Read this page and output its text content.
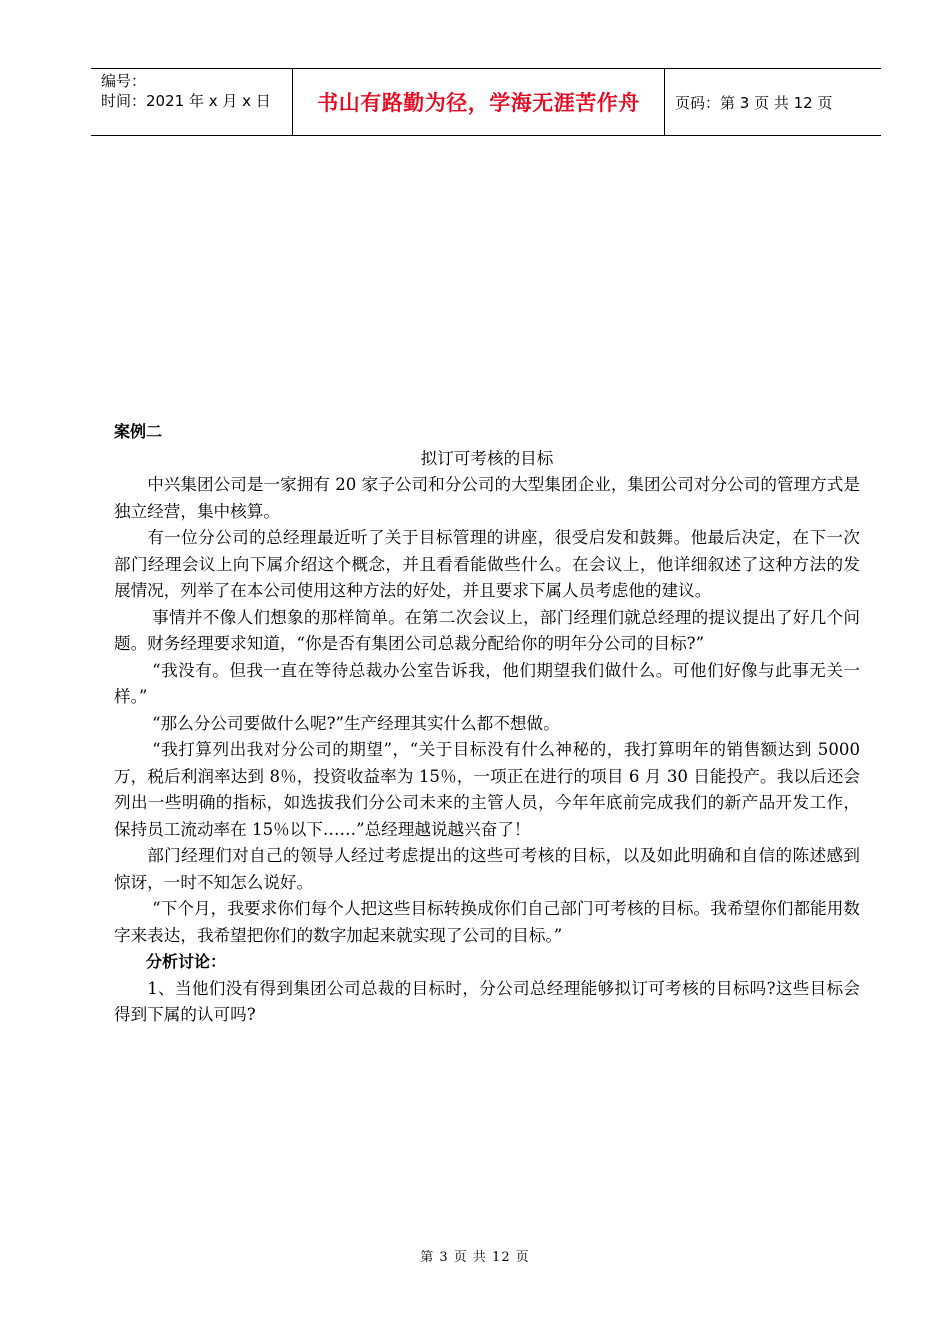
编号：
时间：2021 年 x 月 x 日	书山有路勤为径，学海无涯苦作舟	页码：第 3 页 共 12 页
案例二
拟订可考核的目标

中兴集团公司是一家拥有 20 家子公司和分公司的大型集团企业，集团公司对分公司的管理方式是独立经营，集中核算。

有一位分公司的总经理最近听了关于目标管理的讲座，很受启发和鼓舞。他最后决定，在下一次部门经理会议上向下属介绍这个概念，并且看看能做些什么。在会议上，他详细叙述了这种方法的发展情况，列举了在本公司使用这种方法的好处，并且要求下属人员考虑他的建议。

事情并不像人们想象的那样简单。在第二次会议上，部门经理们就总经理的提议提出了好几个问题。财务经理要求知道，“你是否有集团公司总裁分配给你的明年分公司的目标?”

“我没有。但我一直在等待总裁办公室告诉我，他们期望我们做什么。可他们好像与此事无关一样。”

“那么分公司要做什么呢?”生产经理其实什么都不想做。

“我打算列出我对分公司的期望”，“关于目标没有什么神秘的，我打算明年的销售额达到 5000 万，税后利润率达到 8％，投资收益率为 15％，一项正在进行的项目 6 月 30 日能投产。我以后还会列出一些明确的指标，如选拔我们分公司未来的主管人员，今年年底前完成我们的新产品开发工作，保持员工流动率在 15％以下……”总经理越说越兴奋了！

部门经理们对自己的领导人经过考虑提出的这些可考核的目标，以及如此明确和自信的陈述感到惊讶，一时不知怎么说好。

“下个月，我要求你们每个人把这些目标转换成你们自己部门可考核的目标。我希望你们都能用数字来表达，我希望把你们的数字加起来就实现了公司的目标。”

分析讨论：

1、当他们没有得到集团公司总裁的目标时，分公司总经理能够拟订可考核的目标吗?这些目标会得到下属的认可吗?

第 3 页 共 12 页
